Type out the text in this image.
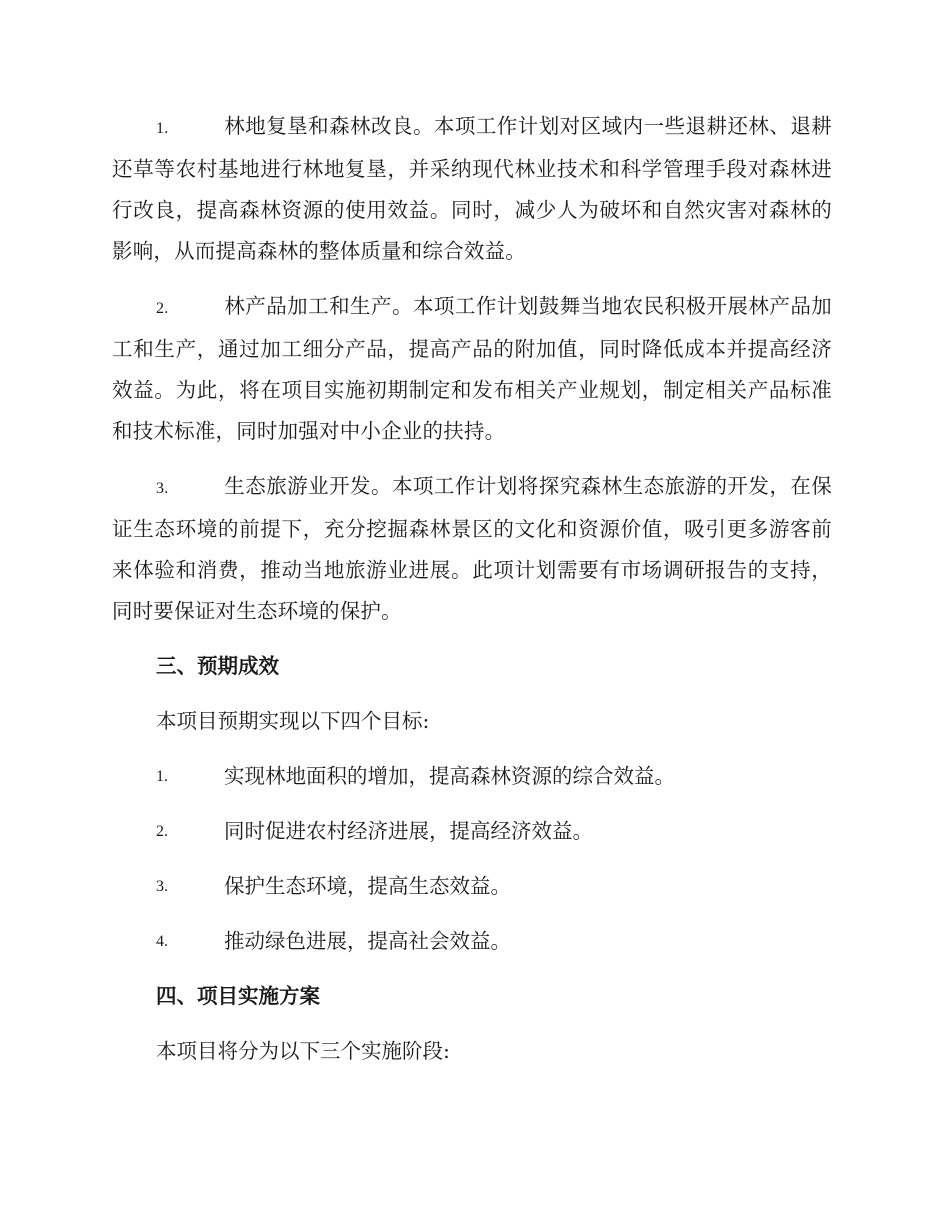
1.	林地复垦和森林改良。本项工作计划对区域内一些退耕还林、退耕还草等农村基地进行林地复垦，并采纳现代林业技术和科学管理手段对森林进行改良，提高森林资源的使用效益。同时，减少人为破坏和自然灾害对森林的影响，从而提高森林的整体质量和综合效益。

2.	林产品加工和生产。本项工作计划鼓舞当地农民积极开展林产品加工和生产，通过加工细分产品，提高产品的附加值，同时降低成本并提高经济效益。为此，将在项目实施初期制定和发布相关产业规划，制定相关产品标准和技术标准，同时加强对中小企业的扶持。

3.	生态旅游业开发。本项工作计划将探究森林生态旅游的开发，在保证生态环境的前提下，充分挖掘森林景区的文化和资源价值，吸引更多游客前来体验和消费，推动当地旅游业进展。此项计划需要有市场调研报告的支持，同时要保证对生态环境的保护。

三、预期成效
本项目预期实现以下四个目标:
1.	实现林地面积的增加，提高森林资源的综合效益。
2.	同时促进农村经济进展，提高经济效益。
3.	保护生态环境，提高生态效益。
4.	推动绿色进展，提高社会效益。
四、项目实施方案
本项目将分为以下三个实施阶段:
